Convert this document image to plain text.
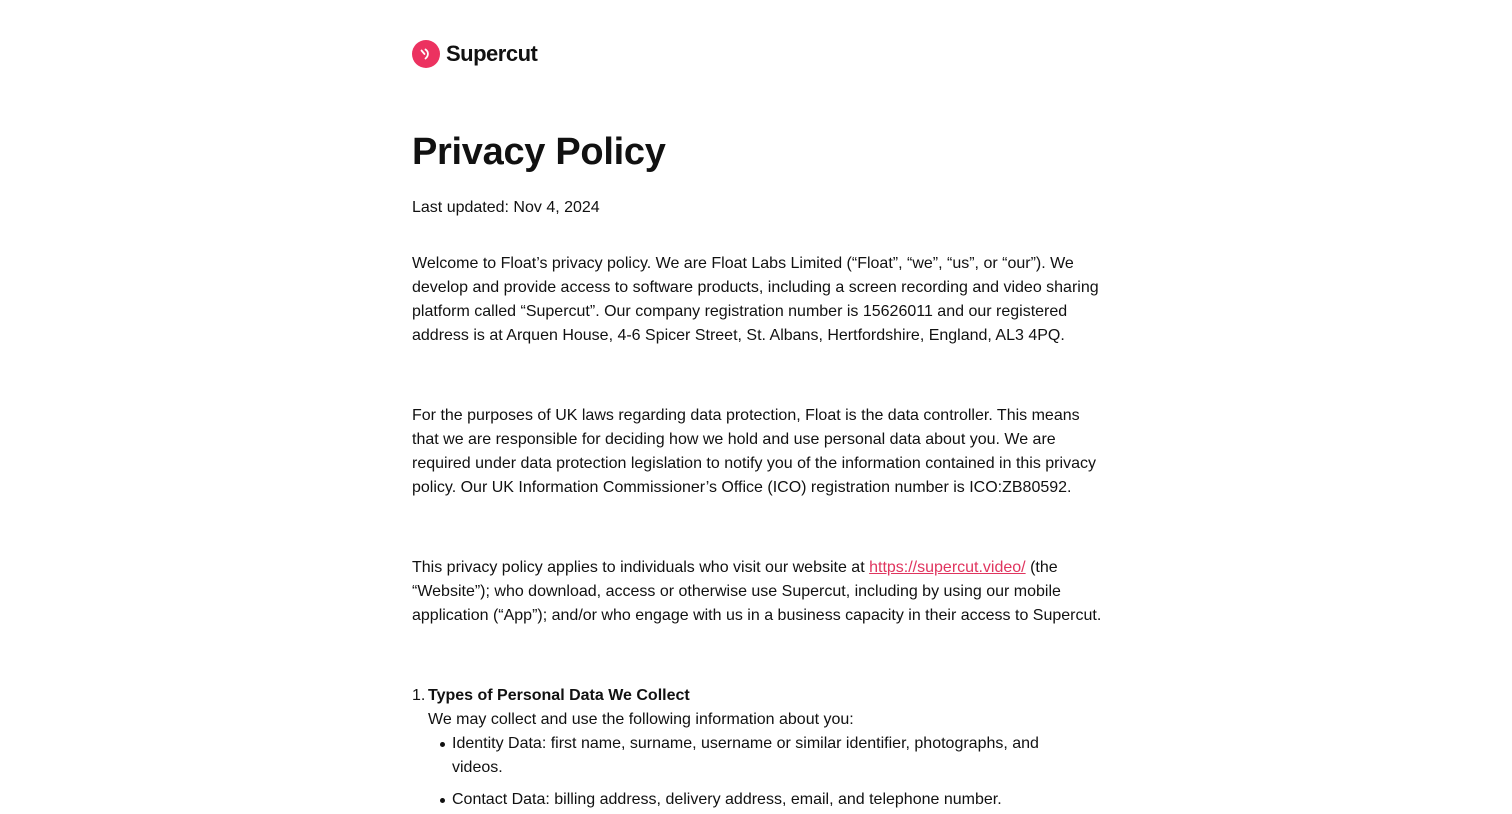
Supercut
Privacy Policy
Last updated: Nov 4, 2024

Welcome to Float’s privacy policy. We are Float Labs Limited (“Float”, “we”, “us”, or “our”). We develop and provide access to software products, including a screen recording and video sharing platform called “Supercut”. Our company registration number is 15626011 and our registered address is at Arquen House, 4-6 Spicer Street, St. Albans, Hertfordshire, England, AL3 4PQ.

For the purposes of UK laws regarding data protection, Float is the data controller. This means that we are responsible for deciding how we hold and use personal data about you. We are required under data protection legislation to notify you of the information contained in this privacy policy. Our UK Information Commissioner’s Office (ICO) registration number is ICO:ZB80592.

This privacy policy applies to individuals who visit our website at https://supercut.video/ (the “Website”); who download, access or otherwise use Supercut, including by using our mobile application (“App”); and/or who engage with us in a business capacity in their access to Supercut.

1. Types of Personal Data We Collect
We may collect and use the following information about you:
Identity Data: first name, surname, username or similar identifier, photographs, and videos.
Contact Data: billing address, delivery address, email, and telephone number.
